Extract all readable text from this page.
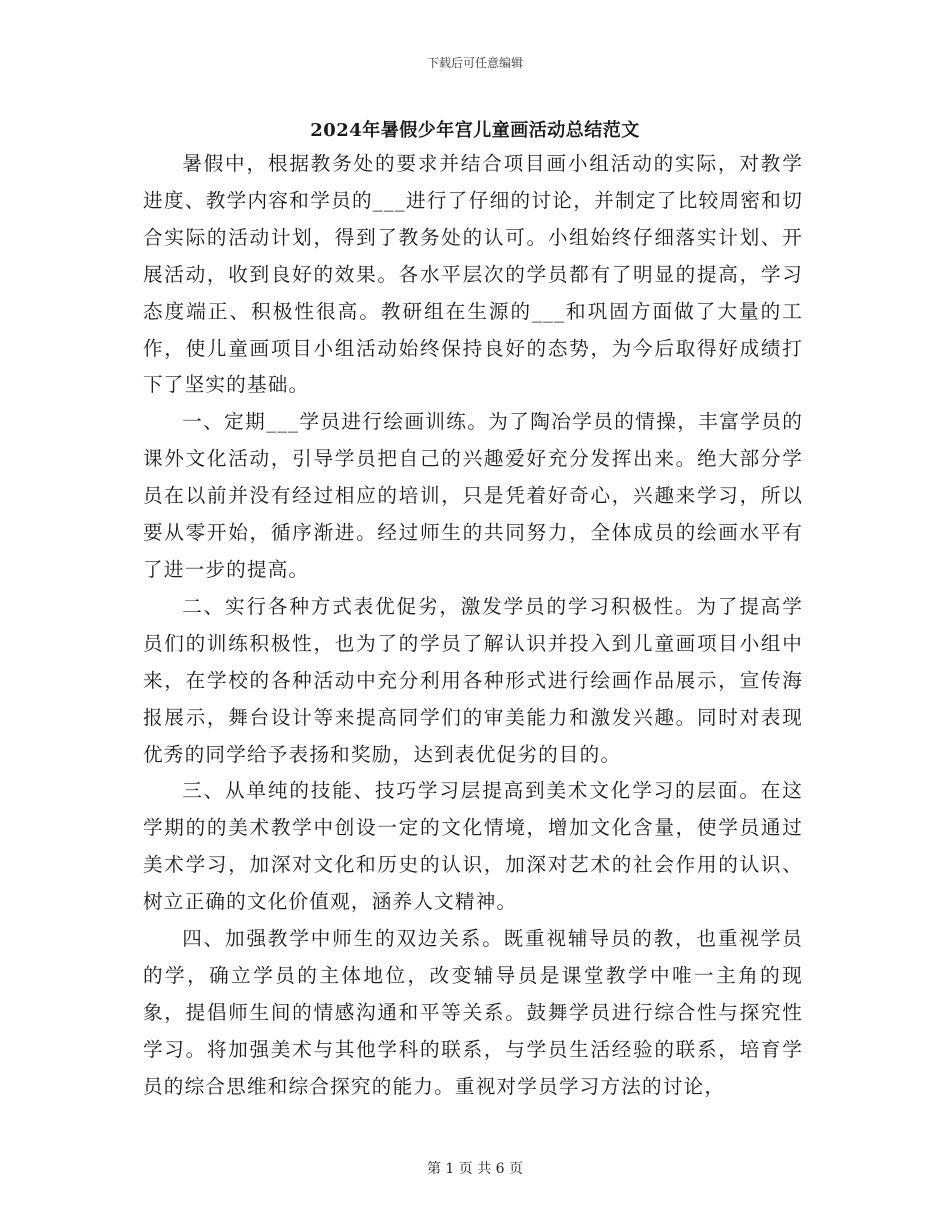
下载后可任意编辑
2024年暑假少年宫儿童画活动总结范文

暑假中，根据教务处的要求并结合项目画小组活动的实际，对教学进度、教学内容和学员的___进行了仔细的讨论，并制定了比较周密和切合实际的活动计划，得到了教务处的认可。小组始终仔细落实计划、开展活动，收到良好的效果。各水平层次的学员都有了明显的提高，学习态度端正、积极性很高。教研组在生源的___和巩固方面做了大量的工作，使儿童画项目小组活动始终保持良好的态势，为今后取得好成绩打下了坚实的基础。

一、定期___学员进行绘画训练。为了陶冶学员的情操，丰富学员的课外文化活动，引导学员把自己的兴趣爱好充分发挥出来。绝大部分学员在以前并没有经过相应的培训，只是凭着好奇心，兴趣来学习，所以要从零开始，循序渐进。经过师生的共同努力，全体成员的绘画水平有了进一步的提高。

二、实行各种方式表优促劣，激发学员的学习积极性。为了提高学员们的训练积极性，也为了的学员了解认识并投入到儿童画项目小组中来，在学校的各种活动中充分利用各种形式进行绘画作品展示，宣传海报展示，舞台设计等来提高同学们的审美能力和激发兴趣。同时对表现优秀的同学给予表扬和奖励，达到表优促劣的目的。

三、从单纯的技能、技巧学习层提高到美术文化学习的层面。在这学期的的美术教学中创设一定的文化情境，增加文化含量，使学员通过美术学习，加深对文化和历史的认识，加深对艺术的社会作用的认识、树立正确的文化价值观，涵养人文精神。

四、加强教学中师生的双边关系。既重视辅导员的教，也重视学员的学，确立学员的主体地位，改变辅导员是课堂教学中唯一主角的现象，提倡师生间的情感沟通和平等关系。鼓舞学员进行综合性与探究性学习。将加强美术与其他学科的联系，与学员生活经验的联系，培育学员的综合思维和综合探究的能力。重视对学员学习方法的讨论，

第 1 页 共 6 页
